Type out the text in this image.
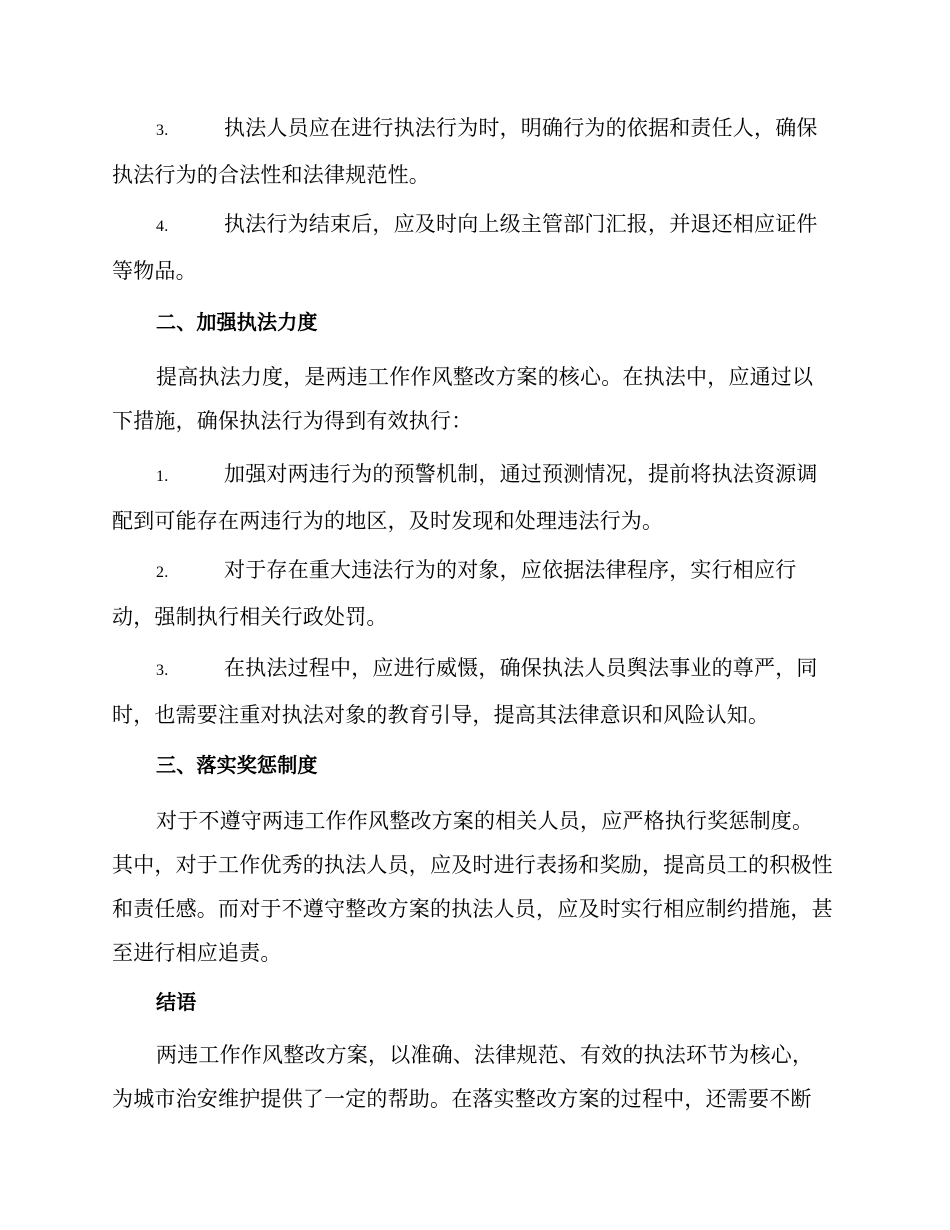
3.	执法人员应在进行执法行为时，明确行为的依据和责任人，确保执法行为的合法性和法律规范性。

4.	执法行为结束后，应及时向上级主管部门汇报，并退还相应证件等物品。

二、加强执法力度

提高执法力度，是两违工作作风整改方案的核心。在执法中，应通过以下措施，确保执法行为得到有效执行：

1.	加强对两违行为的预警机制，通过预测情况，提前将执法资源调配到可能存在两违行为的地区，及时发现和处理违法行为。

2.	对于存在重大违法行为的对象，应依据法律程序，实行相应行动，强制执行相关行政处罚。

3.	在执法过程中，应进行威慑，确保执法人员舆法事业的尊严，同时，也需要注重对执法对象的教育引导，提高其法律意识和风险认知。

三、落实奖惩制度

对于不遵守两违工作作风整改方案的相关人员，应严格执行奖惩制度。其中，对于工作优秀的执法人员，应及时进行表扬和奖励，提高员工的积极性和责任感。而对于不遵守整改方案的执法人员，应及时实行相应制约措施，甚至进行相应追责。

结语

两违工作作风整改方案，以准确、法律规范、有效的执法环节为核心，为城市治安维护提供了一定的帮助。在落实整改方案的过程中，还需要不断
